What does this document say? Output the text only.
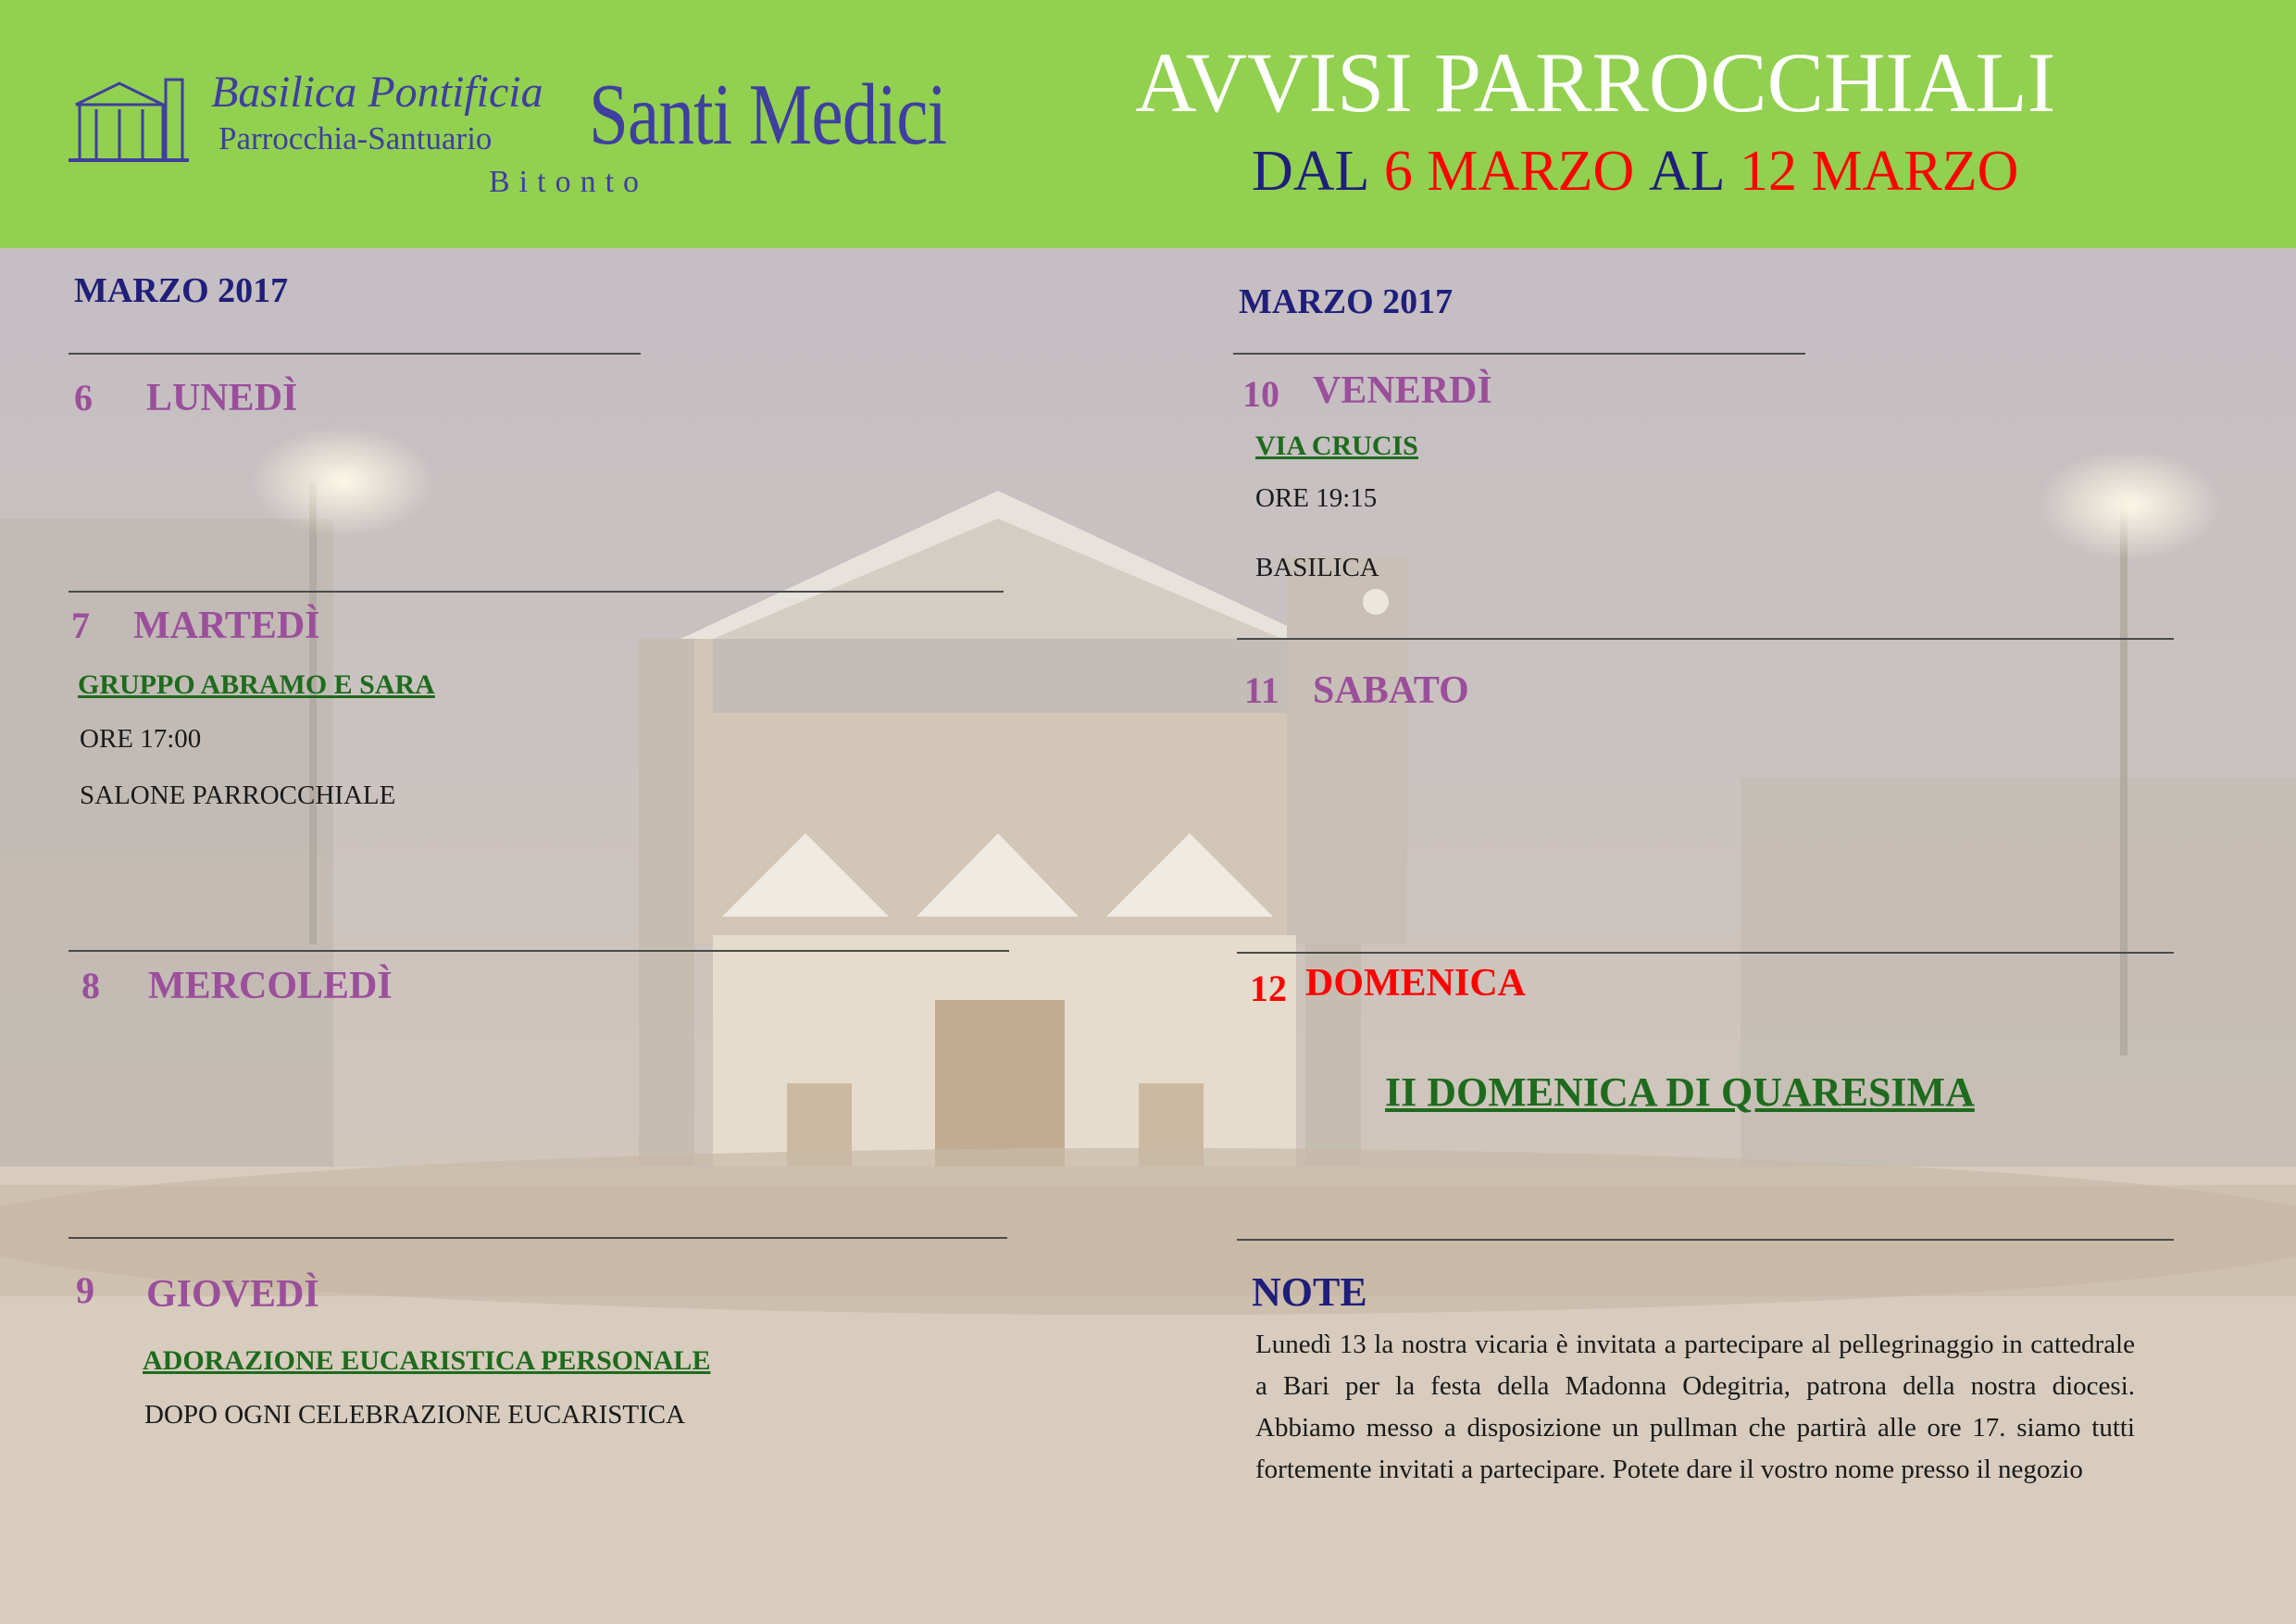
Basilica Pontificia
Parrocchia-Santuario Santi Medici
Bitonto
AVVISI PARROCCHIALI
DAL 6 MARZO AL 12 MARZO
MARZO 2017
6 LUNEDÌ
7 MARTEDÌ
GRUPPO ABRAMO E SARA
ORE 17:00
SALONE PARROCCHIALE
8 MERCOLEDÌ
9 GIOVEDÌ
ADORAZIONE EUCARISTICA PERSONALE
DOPO OGNI CELEBRAZIONE EUCARISTICA
MARZO 2017
10 VENERDÌ
VIA CRUCIS
ORE 19:15
BASILICA
11 SABATO
12 DOMENICA
II DOMENICA DI QUARESIMA
NOTE
Lunedì 13 la nostra vicaria è invitata a partecipare al pellegrinaggio in cattedrale a Bari per la festa della Madonna Odegitria, patrona della nostra diocesi. Abbiamo messo a disposizione un pullman che partirà alle ore 17. siamo tutti fortemente invitati a partecipare. Potete dare il vostro nome presso il negozio
